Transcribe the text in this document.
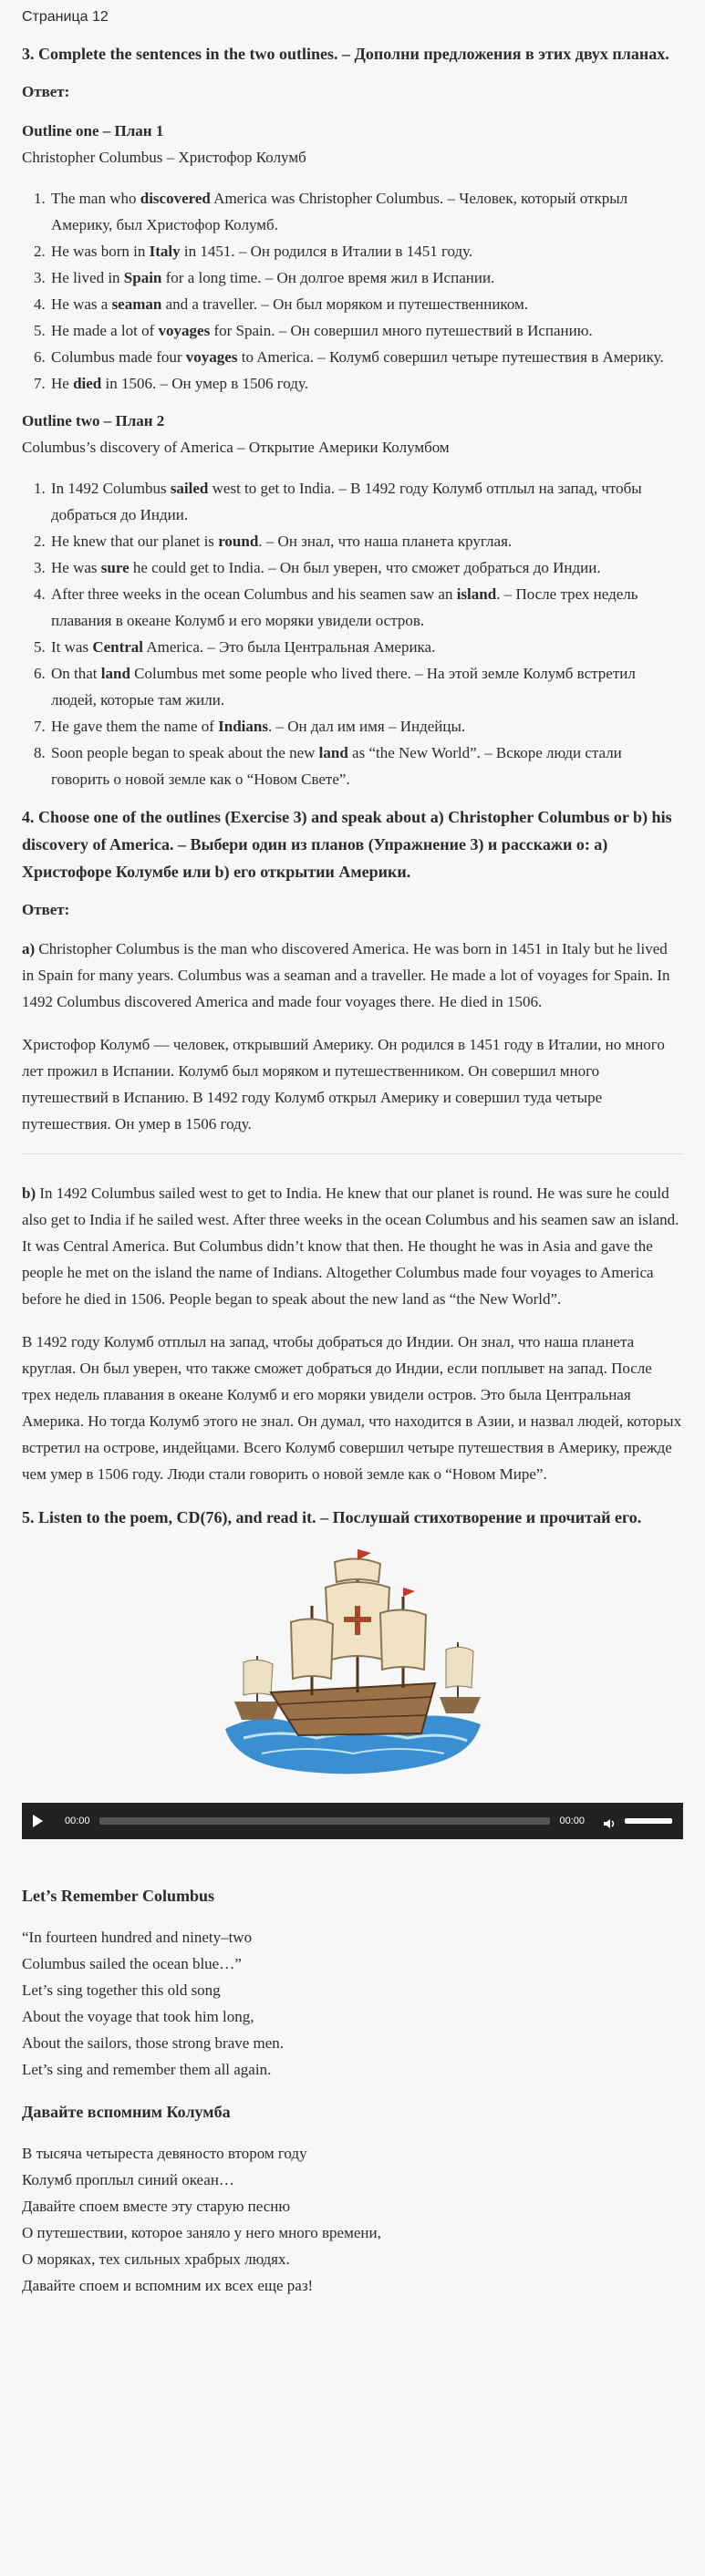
Страница 12
3. Complete the sentences in the two outlines. – Дополни предложения в этих двух планах.
Ответ:
Outline one – План 1
Christopher Columbus – Христофор Колумб
1. The man who discovered America was Christopher Columbus. – Человек, который открыл Америку, был Христофор Колумб.
2. He was born in Italy in 1451. – Он родился в Италии в 1451 году.
3. He lived in Spain for a long time. – Он долгое время жил в Испании.
4. He was a seaman and a traveller. – Он был моряком и путешественником.
5. He made a lot of voyages for Spain. – Он совершил много путешествий в Испанию.
6. Columbus made four voyages to America. – Колумб совершил четыре путешествия в Америку.
7. He died in 1506. – Он умер в 1506 году.
Outline two – План 2
Columbus’s discovery of America – Открытие Америки Колумбом
1. In 1492 Columbus sailed west to get to India. – В 1492 году Колумб отплыл на запад, чтобы добраться до Индии.
2. He knew that our planet is round. – Он знал, что наша планета круглая.
3. He was sure he could get to India. – Он был уверен, что сможет добраться до Индии.
4. After three weeks in the ocean Columbus and his seamen saw an island. – После трех недель плавания в океане Колумб и его моряки увидели остров.
5. It was Central America. – Это была Центральная Америка.
6. On that land Columbus met some people who lived there. – На этой земле Колумб встретил людей, которые там жили.
7. He gave them the name of Indians. – Он дал им имя – Индейцы.
8. Soon people began to speak about the new land as “the New World”. – Вскоре люди стали говорить о новой земле как о “Новом Свете”.
4. Choose one of the outlines (Exercise 3) and speak about a) Christopher Columbus or b) his discovery of America. – Выбери один из планов (Упражнение 3) и расскажи о: а) Христофоре Колумбе или b) его открытии Америки.
Ответ:

a) Christopher Columbus is the man who discovered America. He was born in 1451 in Italy but he lived in Spain for many years. Columbus was a seaman and a traveller. He made a lot of voyages for Spain. In 1492 Columbus discovered America and made four voyages there. He died in 1506.

Христофор Колумб — человек, открывший Америку. Он родился в 1451 году в Италии, но много лет прожил в Испании. Колумб был моряком и путешественником. Он совершил много путешествий в Испанию. В 1492 году Колумб открыл Америку и совершил туда четыре путешествия. Он умер в 1506 году.

b) In 1492 Columbus sailed west to get to India. He knew that our planet is round. He was sure he could also get to India if he sailed west. After three weeks in the ocean Columbus and his seamen saw an island. It was Central America. But Columbus didn’t know that then. He thought he was in Asia and gave the people he met on the island the name of Indians. Altogether Columbus made four voyages to America before he died in 1506. People began to speak about the new land as “the New World”.

В 1492 году Колумб отплыл на запад, чтобы добраться до Индии. Он знал, что наша планета круглая. Он был уверен, что также сможет добраться до Индии, если поплывет на запад. После трех недель плавания в океане Колумб и его моряки увидели остров. Это была Центральная Америка. Но тогда Колумб этого не знал. Он думал, что находится в Азии, и назвал людей, которых встретил на острове, индейцами. Всего Колумб совершил четыре путешествия в Америку, прежде чем умер в 1506 году. Люди стали говорить о новой земле как о “Новом Мире”.

5. Listen to the poem, CD(76), and read it. – Послушай стихотворение и прочитай его.
00:00	00:00
Let’s Remember Columbus
“In fourteen hundred and ninety–two
Columbus sailed the ocean blue…”
Let’s sing together this old song
About the voyage that took him long,
About the sailors, those strong brave men.
Let’s sing and remember them all again.
Давайте вспомним Колумба
В тысяча четыреста девяносто втором году
Колумб проплыл синий океан…
Давайте споем вместе эту старую песню
О путешествии, которое заняло у него много времени,
О моряках, тех сильных храбрых людях.
Давайте споем и вспомним их всех еще раз!
